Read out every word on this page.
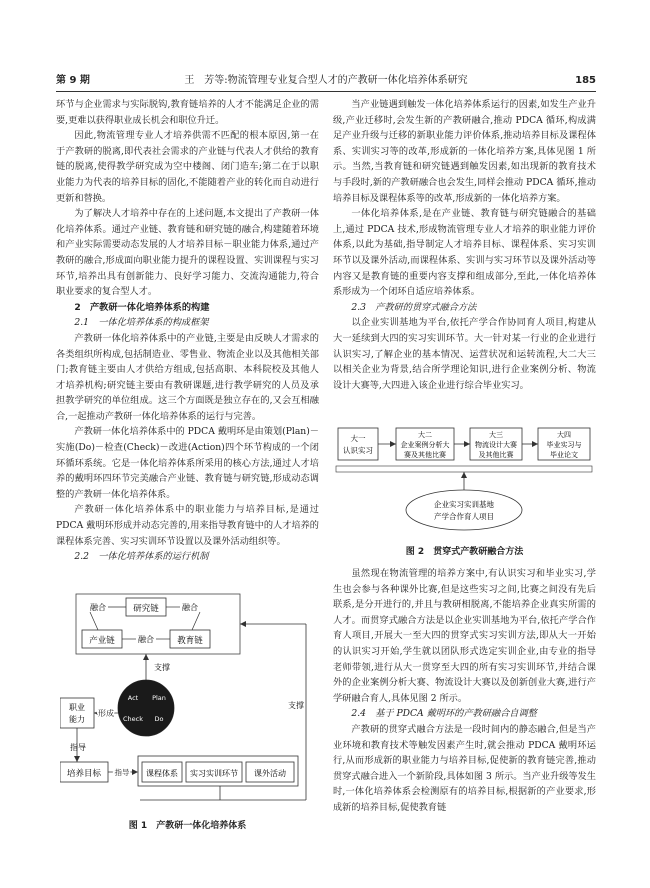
第 9 期	王　芳等:物流管理专业复合型人才的产教研一体化培养体系研究	185

环节与企业需求与实际脱钩,教育链培养的人才不能满足企业的需要,更难以获得职业成长机会和职位升迁。

因此,物流管理专业人才培养供需不匹配的根本原因,第一在于产教研的脱离,即代表社会需求的产业链与代表人才供给的教育链的脱离,使得教学研究成为空中楼阁、闭门造车;第二在于以职业能力为代表的培养目标的固化,不能随着产业的转化而自动进行更新和替换。

为了解决人才培养中存在的上述问题,本文提出了产教研一体化培养体系。通过产业链、教育链和研究链的融合,构建随着环境和产业实际需要动态发展的人才培养目标－职业能力体系,通过产教研的融合,形成面向职业能力提升的课程设置、实训课程与实习环节,培养出具有创新能力、良好学习能力、交流沟通能力,符合职业要求的复合型人才。

2　产教研一体化培养体系的构建

2.1　一体化培养体系的构成框架

产教研一体化培养体系中的产业链,主要是由反映人才需求的各类组织所构成,包括制造业、零售业、物流企业以及其他相关部门;教育链主要由人才供给方组成,包括高职、本科院校及其他人才培养机构;研究链主要由有教研课题,进行教学研究的人员及承担教学研究的单位组成。这三个方面既是独立存在的,又会互相融合,一起推动产教研一体化培养体系的运行与完善。

产教研一体化培养体系中的 PDCA 戴明环是由策划(Plan)－实施(Do)－检查(Check)－改进(Action)四个环节构成的一个闭环循环系统。它是一体化培养体系所采用的核心方法,通过人才培养的戴明环四环节完美融合产业链、教育链与研究链,形成动态调整的产教研一体化培养体系。

产教研一体化培养体系中的职业能力与培养目标,是通过 PDCA 戴明环形成并动态完善的,用来指导教育链中的人才培养的课程体系完善、实习实训环节设置以及课外活动组织等。

2.2　一体化培养体系的运行机制

研究链
产业链	教育链
融合	融合
融合
支撑
Act Plan
Check Do
职业
能力
形成
指导
支撑
培养目标 指导 课程体系 实习实训环节 课外活动
图 1　产教研一体化培养体系

当产业链遇到触发一体化培养体系运行的因素,如发生产业升级,产业迁移时,会发生新的产教研融合,推动 PDCA 循环,构成满足产业升级与迁移的新职业能力评价体系,推动培养目标及课程体系、实训实习等的改革,形成新的一体化培养方案,具体见图 1 所示。当然,当教育链和研究链遇到触发因素,如出现新的教育技术与手段时,新的产教研融合也会发生,同样会推动 PDCA 循环,推动培养目标及课程体系等的改革,形成新的一体化培养方案。

一体化培养体系,是在产业链、教育链与研究链融合的基础上,通过 PDCA 技术,形成物流管理专业人才培养的职业能力评价体系,以此为基础,指导制定人才培养目标、课程体系、实习实训环节以及课外活动,而课程体系、实训与实习环节以及课外活动等内容又是教育链的重要内容支撑和组成部分,至此,一体化培养体系形成为一个闭环自适应培养体系。

2.3　产教研的贯穿式融合方法

以企业实训基地为平台,依托产学合作协同育人项目,构建从大一延续到大四的实习实训环节。大一针对某一行业的企业进行认识实习,了解企业的基本情况、运营状况和运转流程,大二大三以相关企业为背景,结合所学理论知识,进行企业案例分析、物流设计大赛等,大四进入该企业进行综合毕业实习。

大一
认识实习
大二
企业案例分析大
赛及其他比赛
大三
物流设计大赛
及其他比赛
大四
毕业实习与
毕业论文
企业实习实训基地
产学合作育人项目
图 2　贯穿式产教研融合方法

虽然现在物流管理的培养方案中,有认识实习和毕业实习,学生也会参与各种课外比赛,但是这些实习之间,比赛之间没有先后联系,是分开进行的,并且与教研相脱离,不能培养企业真实所需的人才。而贯穿式融合方法是以企业实训基地为平台,依托产学合作育人项目,开展大一至大四的贯穿式实习实训方法,即从大一开始的认识实习开始,学生就以团队形式选定实训企业,由专业的指导老师带领,进行从大一贯穿至大四的所有实习实训环节,并结合课外的企业案例分析大赛、物流设计大赛以及创新创业大赛,进行产学研融合育人,具体见图 2 所示。

2.4　基于 PDCA 戴明环的产教研融合自调整

产教研的贯穿式融合方法是一段时间内的静态融合,但是当产业环境和教育技术等触发因素产生时,就会推动 PDCA 戴明环运行,从而形成新的职业能力与培养目标,促使新的教育链完善,推动贯穿式融合进入一个新阶段,具体如图 3 所示。当产业升级等发生时,一体化培养体系会检测原有的培养目标,根据新的产业要求,形成新的培养目标,促使教育链
